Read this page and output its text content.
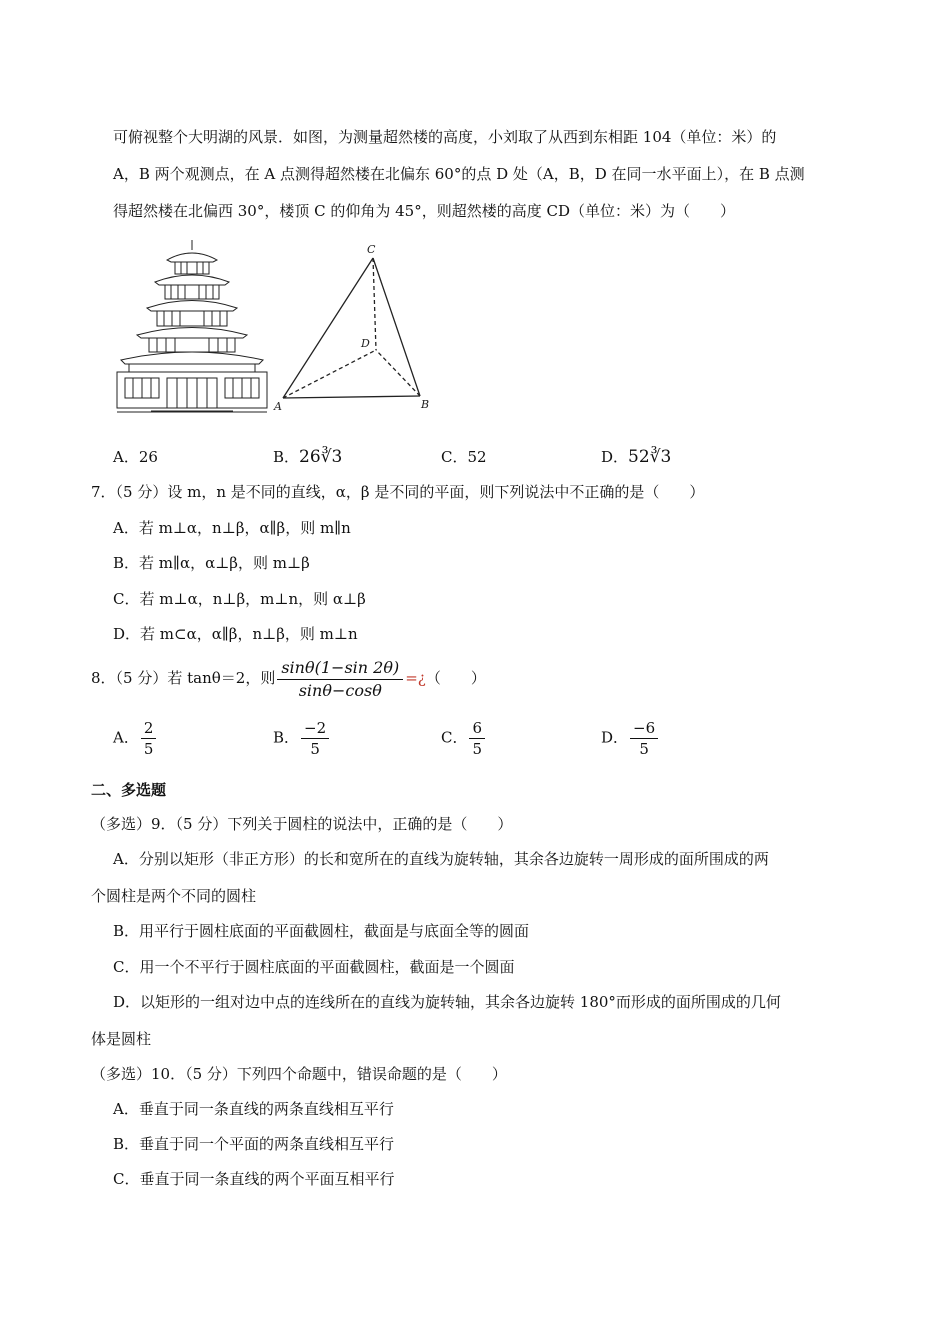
可俯视整个大明湖的风景．如图，为测量超然楼的高度，小刘取了从西到东相距 104（单位：米）的
A，B 两个观测点，在 A 点测得超然楼在北偏东 60°的点 D 处（A，B，D 在同一水平面上），在 B 点测
得超然楼在北偏西 30°，楼顶 C 的仰角为 45°，则超然楼的高度 CD（单位：米）为（　　）
C
D
A	B
A．26	B．26∛3	C．52	D．52∛3
7．（5 分）设 m，n 是不同的直线，α，β 是不同的平面，则下列说法中不正确的是（　　）
A．若 m⊥α，n⊥β，α∥β，则 m∥n
B．若 m∥α，α⊥β，则 m⊥β
C．若 m⊥α，n⊥β，m⊥n，则 α⊥β
D．若 m⊂α，α∥β，n⊥β，则 m⊥n
8．（5 分）若 tanθ＝2，则 $\frac{\sin\theta(1-\sin 2\theta)}{\sin\theta-\cos\theta}$ =¿（　　）
A． $\frac{2}{5}$	B． $\frac{-2}{5}$	C． $\frac{6}{5}$	D． $\frac{-6}{5}$
二、多选题
（多选）9．（5 分）下列关于圆柱的说法中，正确的是（　　）
A．分别以矩形（非正方形）的长和宽所在的直线为旋转轴，其余各边旋转一周形成的面所围成的两
个圆柱是两个不同的圆柱
B．用平行于圆柱底面的平面截圆柱，截面是与底面全等的圆面
C．用一个不平行于圆柱底面的平面截圆柱，截面是一个圆面
D．以矩形的一组对边中点的连线所在的直线为旋转轴，其余各边旋转 180°而形成的面所围成的几何
体是圆柱
（多选）10．（5 分）下列四个命题中，错误命题的是（　　）
A．垂直于同一条直线的两条直线相互平行
B．垂直于同一个平面的两条直线相互平行
C．垂直于同一条直线的两个平面互相平行
